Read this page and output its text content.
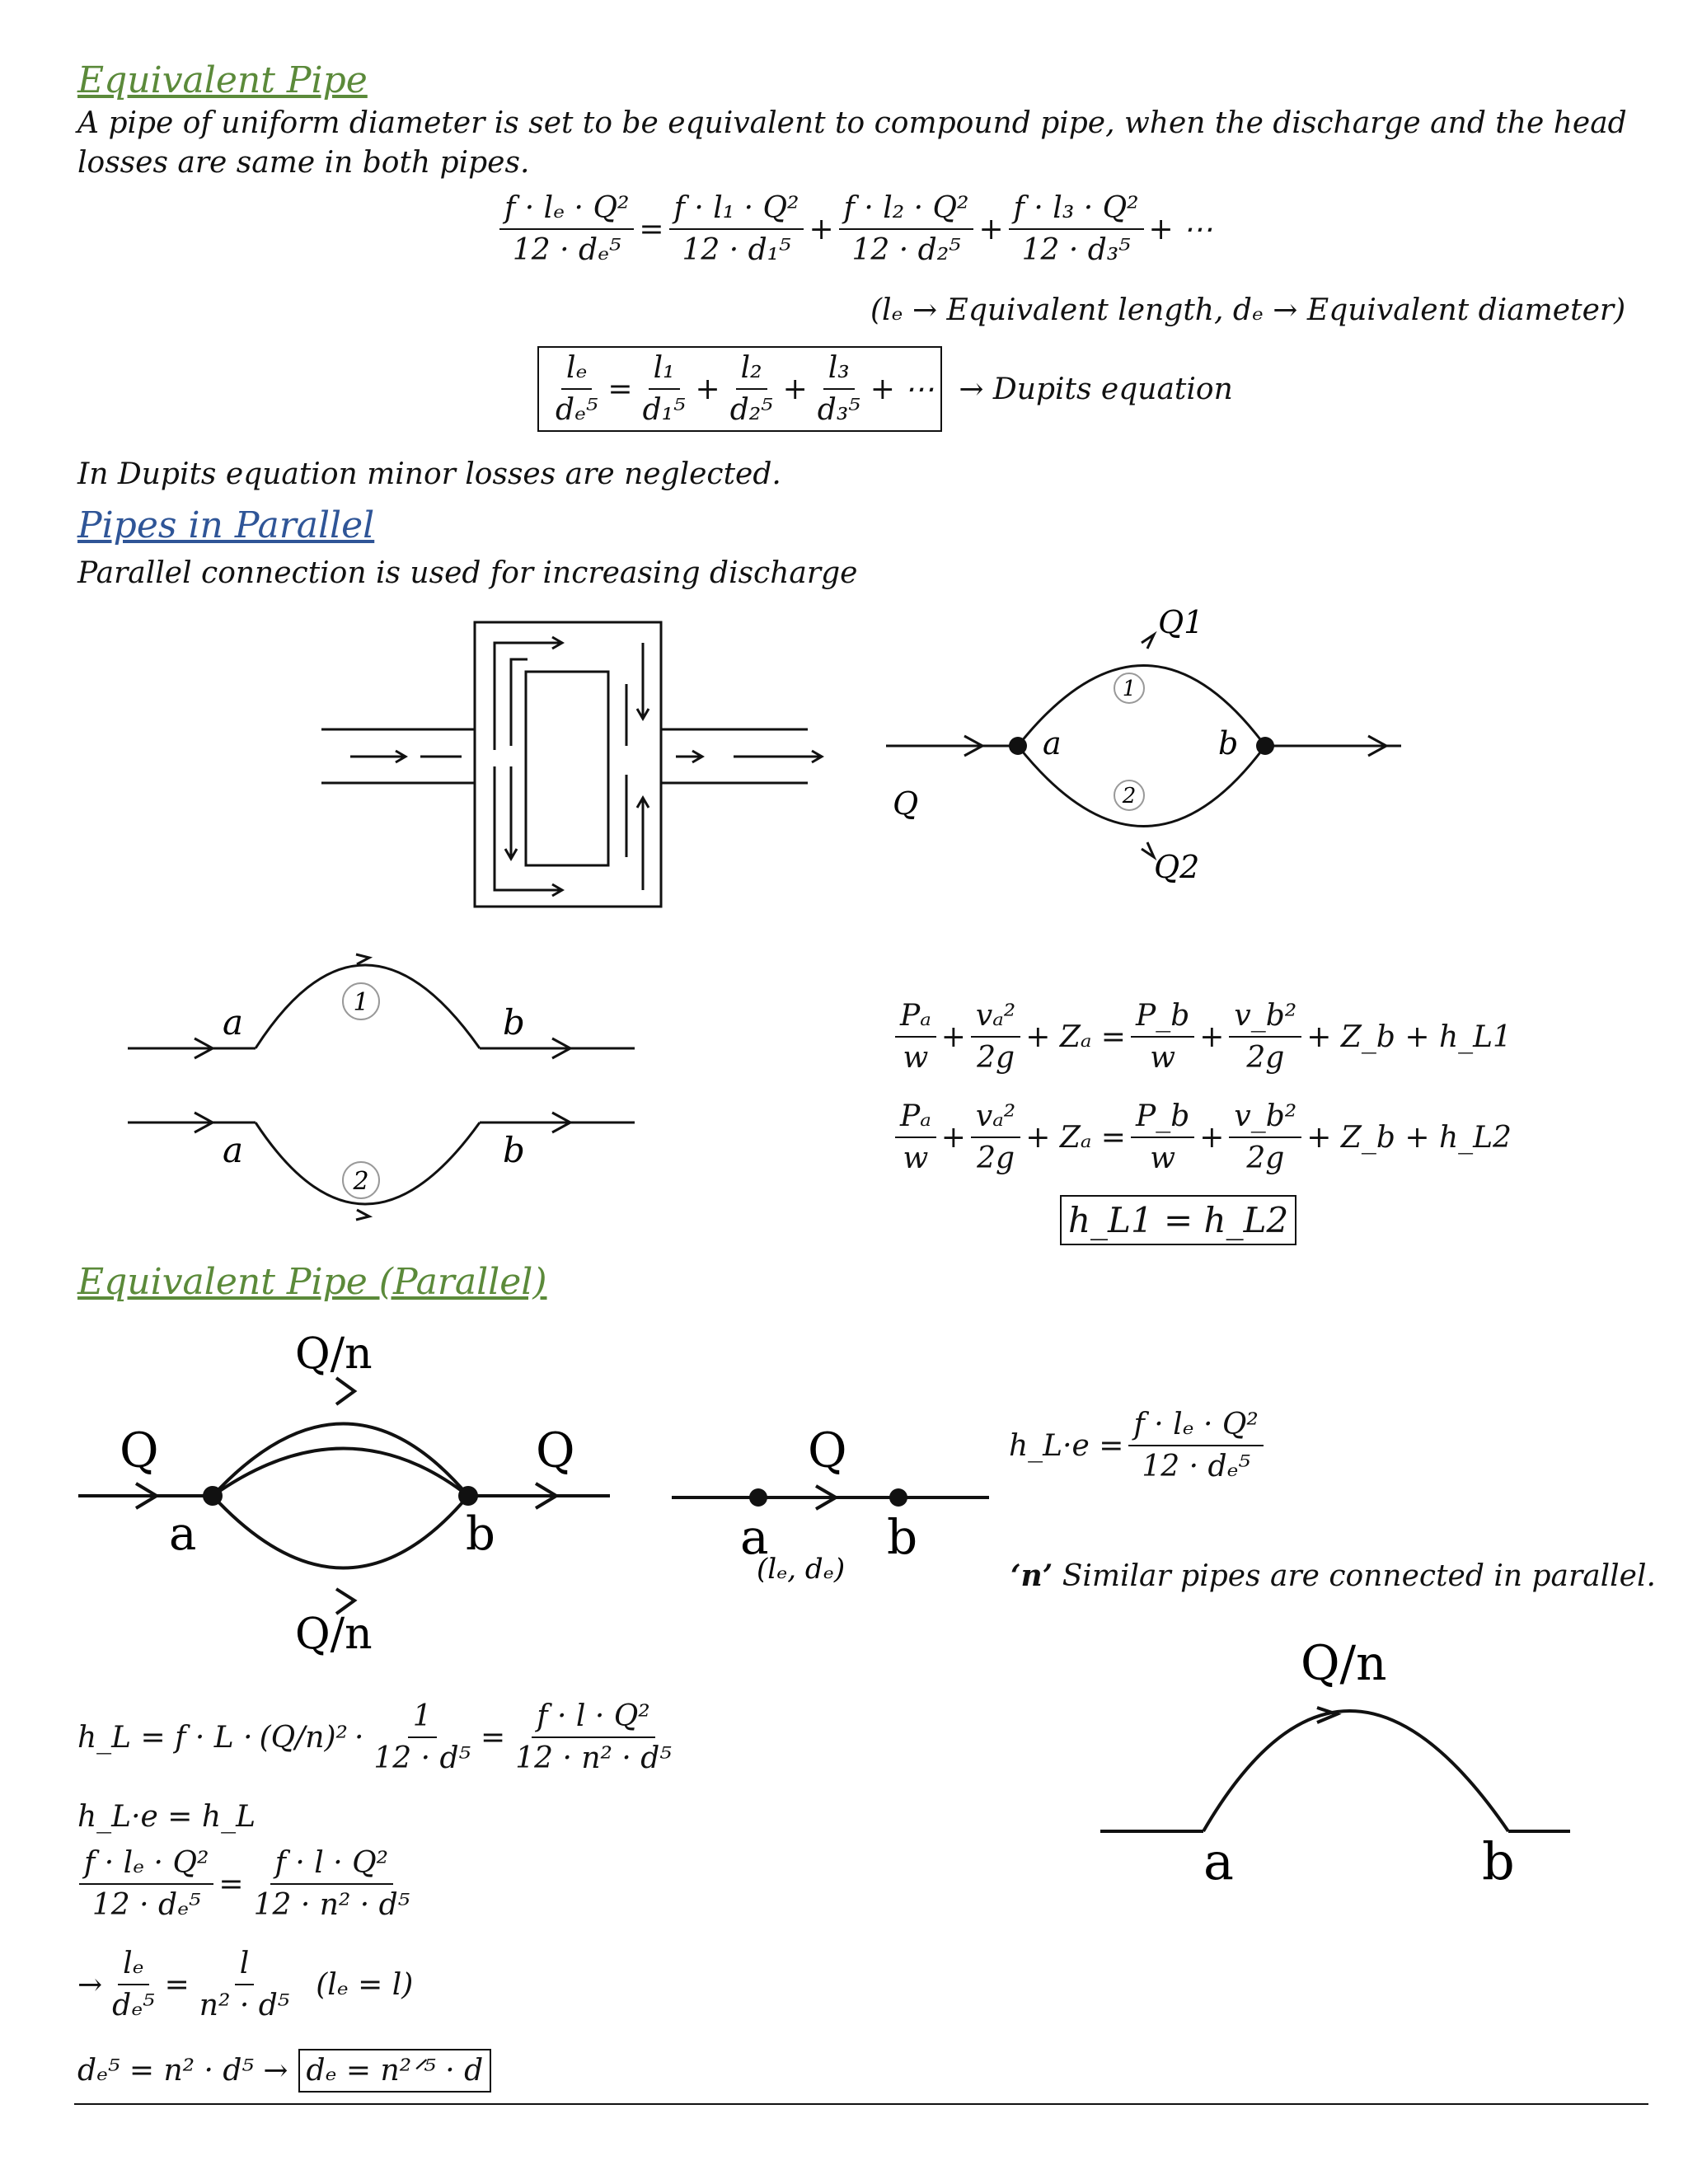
Equivalent Pipe
A pipe of uniform diameter is set to be equivalent to compound pipe, when the discharge and the head losses are same in both pipes.
$\frac{\text{f · lₑ · Q²}}{\text{12 · dₑ⁵}} = \frac{\text{f · l₁ · Q²}}{\text{12 · d₁⁵}} + \frac{\text{f · l₂ · Q²}}{\text{12 · d₂⁵}} + \frac{\text{f · l₃ · Q²}}{\text{12 · d₃⁵}}$ + ⋯
(lₑ → Equivalent length, dₑ → Equivalent diameter)
$\frac{\text{lₑ}}{\text{dₑ⁵}} = \frac{\text{l₁}}{\text{d₁⁵}} + \frac{\text{l₂}}{\text{d₂⁵}} + \frac{\text{l₃}}{\text{d₃⁵}}$ + ⋯ → Dupits equation
In Dupits equation minor losses are neglected.
Pipes in Parallel
Parallel connection is used for increasing discharge
1
2
Q1
Q2
a	b
Q
1
2
a	b
a	b
$\frac{\text{Pₐ}}{w} + \frac{\text{vₐ²}}{2g} + Z_a = \frac{P\_b}{w} + \frac{\text{v\_b²}}{2g}$ + Z_b + h_L1
$\frac{\text{Pₐ}}{w} + \frac{\text{vₐ²}}{2g} + Z_a = \frac{P\_b}{w} + \frac{\text{v\_b²}}{2g}$ + Z_b + h_L2
h_L1 = h_L2
Equivalent Pipe (Parallel)
Q/n
Q/n
Q	Q
a	b
Q
a b
(lₑ, dₑ)
h_L·e = $\frac{\text{f · lₑ · Q²}}{\text{12 · dₑ⁵}}$
‘n’ Similar pipes are connected in parallel.
Q/n
a	b
h_L = $f \cdot L \cdot (Q/n)^2 \cdot \frac{1}{\text{12 · d⁵}} = \frac{\text{f · l · Q²}}{\text{12 · n² · d⁵}}$
h_L·e = h_L
$\frac{\text{f · lₑ · Q²}}{\text{12 · dₑ⁵}} = \frac{\text{f · l · Q²}}{\text{12 · n² · d⁵}}$
→ $\frac{\text{lₑ}}{\text{dₑ⁵}} = \frac{l}{\text{n² · d⁵}} (l_e = l)$
dₑ⁵ = n² · d⁵ → dₑ = n²ᐟ⁵ · d
